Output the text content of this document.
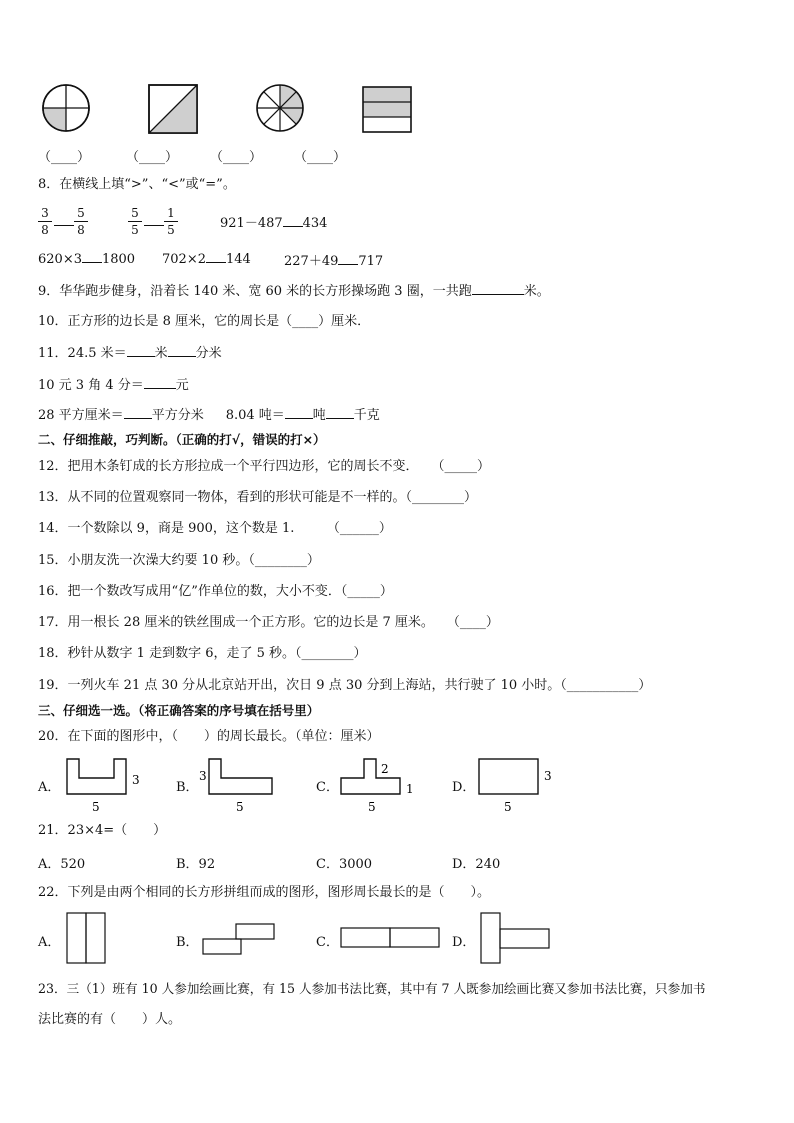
（____）	（____） （____） （____）
8．在横线上填“>”、“<”或“=”。
3
8
5
8
5
5
1
5	921－487 434
620×3 1800 702×2 144	227＋49 717
9．华华跑步健身，沿着长 140 米、宽 60 米的长方形操场跑 3 圈，一共跑	米。
10．正方形的边长是 8 厘米，它的周长是（____）厘米．
11．24.5 米＝ 米 分米
10 元 3 角 4 分＝ 元
28 平方厘米＝ 平方分米 8.04 吨＝ 吨 千克
二、仔细推敲，巧判断。（正确的打√，错误的打×）
12．把用木条钉成的长方形拉成一个平行四边形，它的周长不变．　　（_____）
13．从不同的位置观察同一物体，看到的形状可能是不一样的。（________）
14．一个数除以 9，商是 900，这个数是 1.　　　（______）
15．小朋友洗一次澡大约要 10 秒。（________）
16．把一个数改写成用“亿”作单位的数，大小不变．（_____）
17．用一根长 28 厘米的铁丝围成一个正方形。它的边长是 7 厘米。　　（____）
18．秒针从数字 1 走到数字 6，走了 5 秒。（________）
19．一列火车 21 点 30 分从北京站开出，次日 9 点 30 分到上海站，共行驶了 10 小时。（___________）
三、仔细选一选。（将正确答案的序号填在括号里）
20．在下面的图形中，（　　）的周长最长。（单位：厘米）
A．	3
5
B．
3
5
C．
2
1
5
D．
3
5
21．23×4=（　　）
A．520	B．92	C．3000	D．240
22．下列是由两个相同的长方形拼组而成的图形，图形周长最长的是（　　）。
A．	B．	C．	D．
23．三（1）班有 10 人参加绘画比赛，有 15 人参加书法比赛，其中有 7 人既参加绘画比赛又参加书法比赛，只参加书
法比赛的有（　　）人。
